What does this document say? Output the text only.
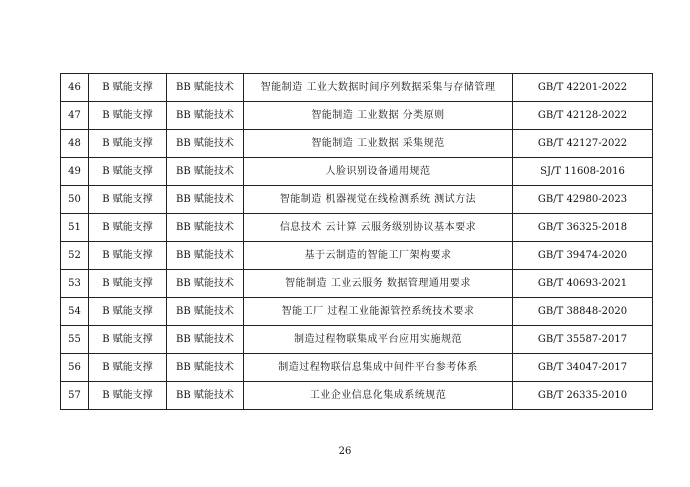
46	B 赋能支撑	BB 赋能技术	智能制造 工业大数据时间序列数据采集与存储管理	GB/T 42201-2022
47	B 赋能支撑	BB 赋能技术	智能制造 工业数据 分类原则	GB/T 42128-2022
48	B 赋能支撑	BB 赋能技术	智能制造 工业数据 采集规范	GB/T 42127-2022
49	B 赋能支撑	BB 赋能技术	人脸识别设备通用规范	SJ/T 11608-2016
50	B 赋能支撑	BB 赋能技术	智能制造 机器视觉在线检测系统 测试方法	GB/T 42980-2023
51	B 赋能支撑	BB 赋能技术	信息技术 云计算 云服务级别协议基本要求	GB/T 36325-2018
52	B 赋能支撑	BB 赋能技术	基于云制造的智能工厂架构要求	GB/T 39474-2020
53	B 赋能支撑	BB 赋能技术	智能制造 工业云服务 数据管理通用要求	GB/T 40693-2021
54	B 赋能支撑	BB 赋能技术	智能工厂 过程工业能源管控系统技术要求	GB/T 38848-2020
55	B 赋能支撑	BB 赋能技术	制造过程物联集成平台应用实施规范	GB/T 35587-2017
56	B 赋能支撑	BB 赋能技术	制造过程物联信息集成中间件平台参考体系	GB/T 34047-2017
57	B 赋能支撑	BB 赋能技术	工业企业信息化集成系统规范	GB/T 26335-2010
26
